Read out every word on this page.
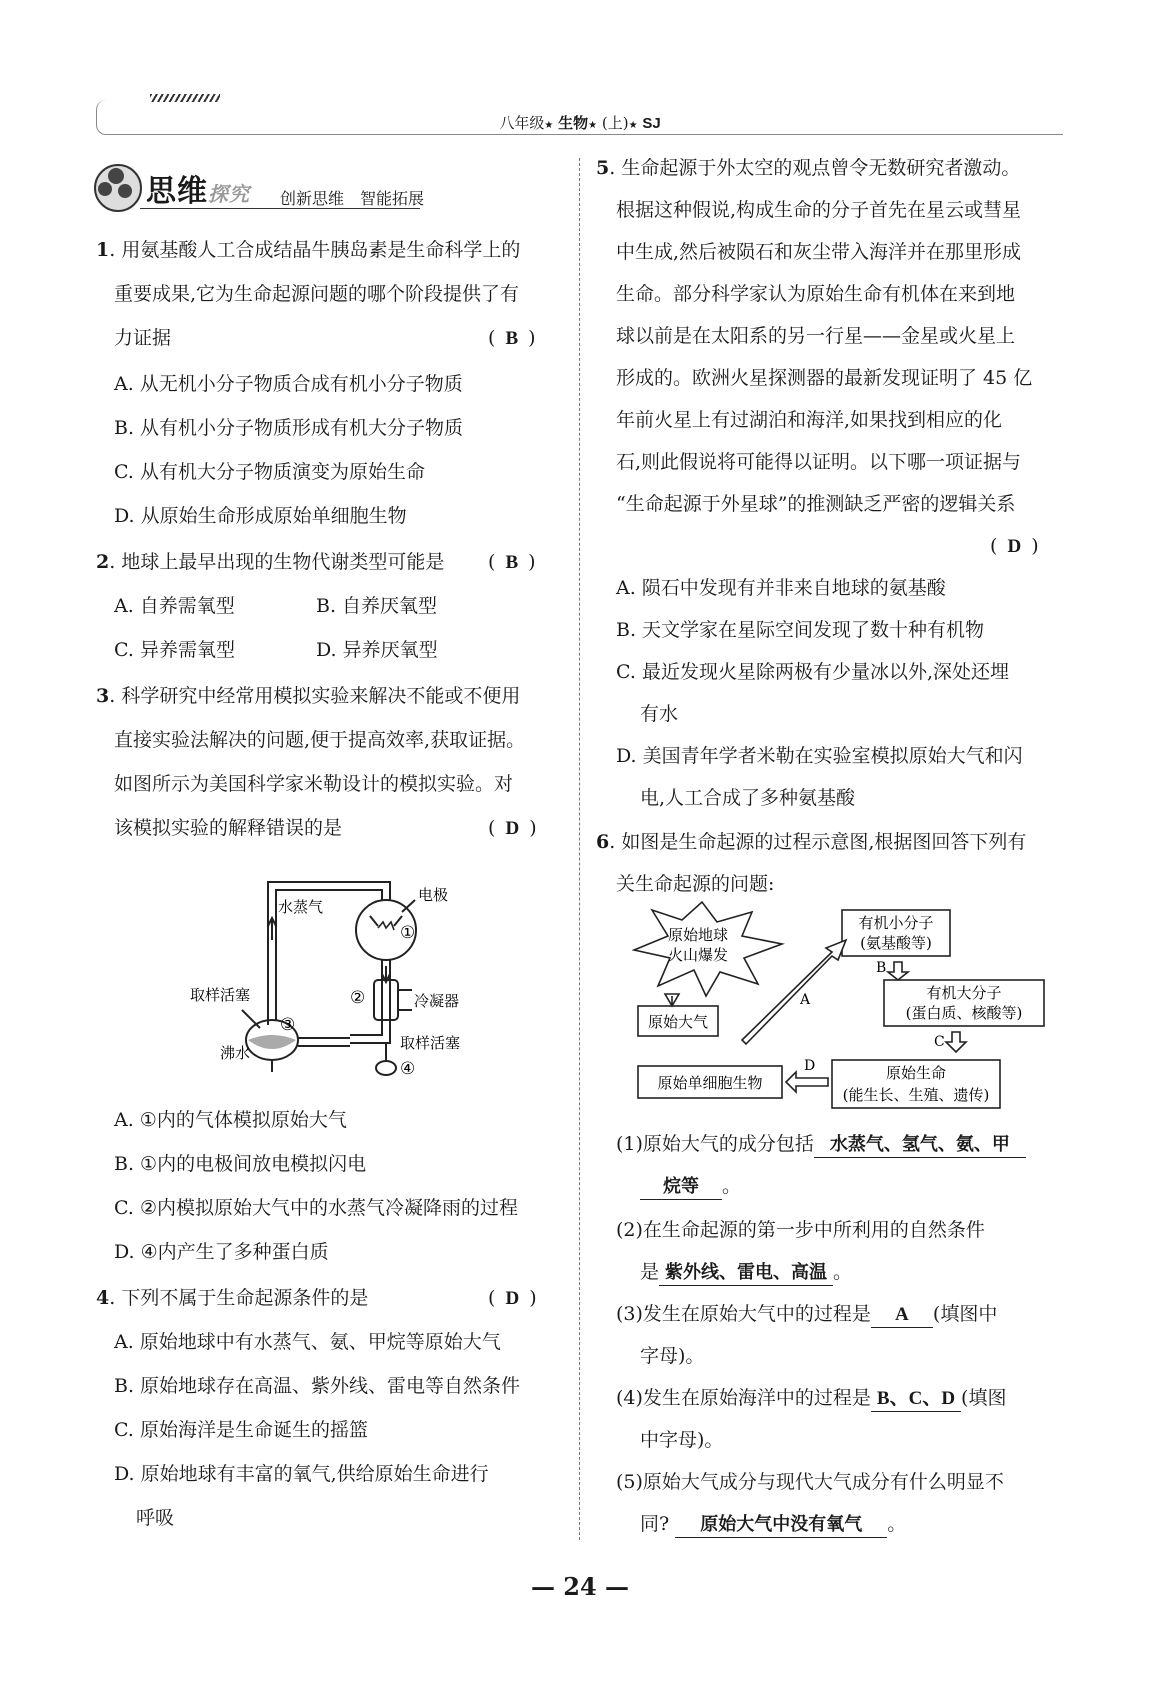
八年级★ 生物★ (上)★ SJ
思维探究 创新思维　智能拓展
1. 用氨基酸人工合成结晶牛胰岛素是生命科学上的
重要成果,它为生命起源问题的哪个阶段提供了有
力证据	( B )
A. 从无机小分子物质合成有机小分子物质
B. 从有机小分子物质形成有机大分子物质
C. 从有机大分子物质演变为原始生命
D. 从原始生命形成原始单细胞生物
2. 地球上最早出现的生物代谢类型可能是 ( B )
A. 自养需氧型	B. 自养厌氧型
C. 异养需氧型	D. 异养厌氧型
3. 科学研究中经常用模拟实验来解决不能或不便用
直接实验法解决的问题,便于提高效率,获取证据。
如图所示为美国科学家米勒设计的模拟实验。对
该模拟实验的解释错误的是	( D )
水蒸气
电极
①
②	冷凝器
取样活塞
③
沸水
取样活塞
④
A. ①内的气体模拟原始大气
B. ①内的电极间放电模拟闪电
C. ②内模拟原始大气中的水蒸气冷凝降雨的过程
D. ④内产生了多种蛋白质
4. 下列不属于生命起源条件的是	( D )
A. 原始地球中有水蒸气、氨、甲烷等原始大气
B. 原始地球存在高温、紫外线、雷电等自然条件
C. 原始海洋是生命诞生的摇篮
D. 原始地球有丰富的氧气,供给原始生命进行
呼吸
5. 生命起源于外太空的观点曾令无数研究者激动。
根据这种假说,构成生命的分子首先在星云或彗星
中生成,然后被陨石和灰尘带入海洋并在那里形成
生命。部分科学家认为原始生命有机体在来到地
球以前是在太阳系的另一行星——金星或火星上
形成的。欧洲火星探测器的最新发现证明了 45 亿
年前火星上有过湖泊和海洋,如果找到相应的化
石,则此假说将可能得以证明。以下哪一项证据与
“生命起源于外星球”的推测缺乏严密的逻辑关系
( D )
A. 陨石中发现有并非来自地球的氨基酸
B. 天文学家在星际空间发现了数十种有机物
C. 最近发现火星除两极有少量冰以外,深处还埋
有水
D. 美国青年学者米勒在实验室模拟原始大气和闪
电,人工合成了多种氨基酸
6. 如图是生命起源的过程示意图,根据图回答下列有
关生命起源的问题:
原始地球
火山爆发
原始大气
有机小分子
(氨基酸等)
有机大分子
(蛋白质、核酸等)
原始生命
(能生长、生殖、遗传)
原始单细胞生物
A
B
C
D
(1)原始大气的成分包括 水蒸气、氢气、氨、甲
烷等 。
(2)在生命起源的第一步中所利用的自然条件
是 紫外线、雷电、高温 。
(3)发生在原始大气中的过程是 A (填图中
字母)。
(4)发生在原始海洋中的过程是 B、C、D (填图
中字母)。
(5)原始大气成分与现代大气成分有什么明显不
同? 原始大气中没有氧气 。
— 24 —
